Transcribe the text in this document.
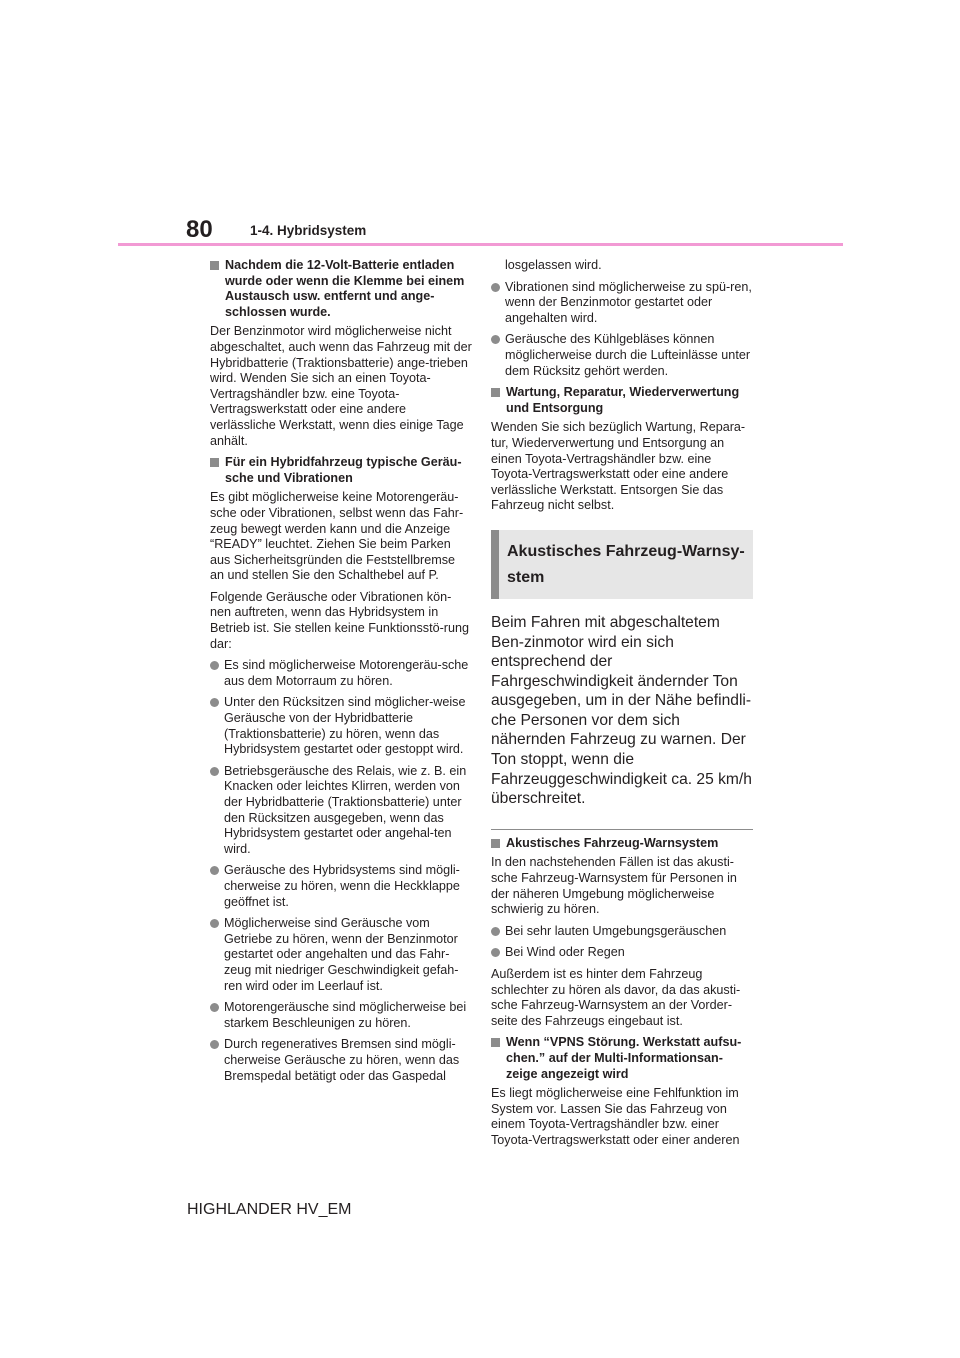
80	1-4. Hybridsystem
Nachdem die 12-Volt-Batterie entladen wurde oder wenn die Klemme bei einem Austausch usw. entfernt und ange-schlossen wurde.

Der Benzinmotor wird möglicherweise nicht abgeschaltet, auch wenn das Fahrzeug mit der Hybridbatterie (Traktionsbatterie) ange-trieben wird. Wenden Sie sich an einen Toyota-Vertragshändler bzw. eine Toyota-Vertragswerkstatt oder eine andere verlässliche Werkstatt, wenn dies einige Tage anhält.

Für ein Hybridfahrzeug typische Geräu-sche und Vibrationen

Es gibt möglicherweise keine Motorengeräu-sche oder Vibrationen, selbst wenn das Fahr-zeug bewegt werden kann und die Anzeige “READY” leuchtet. Ziehen Sie beim Parken aus Sicherheitsgründen die Feststellbremse an und stellen Sie den Schalthebel auf P.

Folgende Geräusche oder Vibrationen kön-nen auftreten, wenn das Hybridsystem in Betrieb ist. Sie stellen keine Funktionsstö-rung dar:

Es sind möglicherweise Motorengeräu-sche aus dem Motorraum zu hören.
Unter den Rücksitzen sind möglicher-weise Geräusche von der Hybridbatterie (Traktionsbatterie) zu hören, wenn das Hybridsystem gestartet oder gestoppt wird.
Betriebsgeräusche des Relais, wie z. B. ein Knacken oder leichtes Klirren, werden von der Hybridbatterie (Traktionsbatterie) unter den Rücksitzen ausgegeben, wenn das Hybridsystem gestartet oder angehal-ten wird.
Geräusche des Hybridsystems sind mögli-cherweise zu hören, wenn die Heckklappe geöffnet ist.
Möglicherweise sind Geräusche vom Getriebe zu hören, wenn der Benzinmotor gestartet oder angehalten und das Fahr-zeug mit niedriger Geschwindigkeit gefah-ren wird oder im Leerlauf ist.
Motorengeräusche sind möglicherweise bei starkem Beschleunigen zu hören.
Durch regeneratives Bremsen sind mögli-cherweise Geräusche zu hören, wenn das Bremspedal betätigt oder das Gaspedal

losgelassen wird.

Vibrationen sind möglicherweise zu spü-ren, wenn der Benzinmotor gestartet oder angehalten wird.
Geräusche des Kühlgebläses können möglicherweise durch die Lufteinlässe unter dem Rücksitz gehört werden.
Wartung, Reparatur, Wiederverwertung und Entsorgung

Wenden Sie sich bezüglich Wartung, Repara-tur, Wiederverwertung und Entsorgung an einen Toyota-Vertragshändler bzw. eine Toyota-Vertragswerkstatt oder eine andere verlässliche Werkstatt. Entsorgen Sie das Fahrzeug nicht selbst.

Akustisches Fahrzeug-Warnsy-stem

Beim Fahren mit abgeschaltetem Ben-zinmotor wird ein sich entsprechend der Fahrgeschwindigkeit ändernder Ton ausgegeben, um in der Nähe befindli-che Personen vor dem sich nähernden Fahrzeug zu warnen. Der Ton stoppt, wenn die Fahrzeuggeschwindigkeit ca. 25 km/h überschreitet.

Akustisches Fahrzeug-Warnsystem

In den nachstehenden Fällen ist das akusti-sche Fahrzeug-Warnsystem für Personen in der näheren Umgebung möglicherweise schwierig zu hören.

Bei sehr lauten Umgebungsgeräuschen
Bei Wind oder Regen

Außerdem ist es hinter dem Fahrzeug schlechter zu hören als davor, da das akusti-sche Fahrzeug-Warnsystem an der Vorder-seite des Fahrzeugs eingebaut ist.

Wenn “VPNS Störung. Werkstatt aufsu-chen.” auf der Multi-Informationsan-zeige angezeigt wird

Es liegt möglicherweise eine Fehlfunktion im System vor. Lassen Sie das Fahrzeug von einem Toyota-Vertragshändler bzw. einer Toyota-Vertragswerkstatt oder einer anderen

HIGHLANDER HV_EM
